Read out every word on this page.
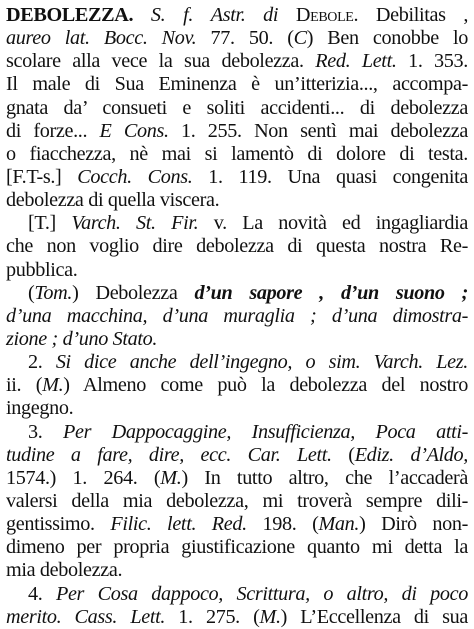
DEBOLEZZA. S. f. Astr. di Debole. Debilitas ,
aureo lat. Bocc. Nov. 77. 50. (C) Ben conobbe lo
scolare alla vece la sua debolezza. Red. Lett. 1. 353.
Il male di Sua Eminenza è un’itterizia..., accompa-
gnata da’ consueti e soliti accidenti... di debolezza
di forze... E Cons. 1. 255. Non sentì mai debolezza
o fiacchezza, nè mai si lamentò di dolore di testa.
[F.T-s.] Cocch. Cons. 1. 119. Una quasi congenita
debolezza di quella viscera.
[T.] Varch. St. Fir. v. La novità ed ingagliardia
che non voglio dire debolezza di questa nostra Re-
pubblica.
(Tom.) Debolezza d’un sapore , d’un suono ;
d’una macchina, d’una muraglia ; d’una dimostra-
zione ; d’uno Stato.
2. Si dice anche dell’ingegno, o sim. Varch. Lez.
ii. (M.) Almeno come può la debolezza del nostro
ingegno.
3. Per Dappocaggine, Insufficienza, Poca atti-
tudine a fare, dire, ecc. Car. Lett. (Ediz. d’Aldo,
1574.) 1. 264. (M.) In tutto altro, che l’accaderà
valersi della mia debolezza, mi troverà sempre dili-
gentissimo. Filic. lett. Red. 198. (Man.) Dirò non-
dimeno per propria giustificazione quanto mi detta la
mia debolezza.
4. Per Cosa dappoco, Scrittura, o altro, di poco
merito. Cass. Lett. 1. 275. (M.) L’Eccellenza di sua
